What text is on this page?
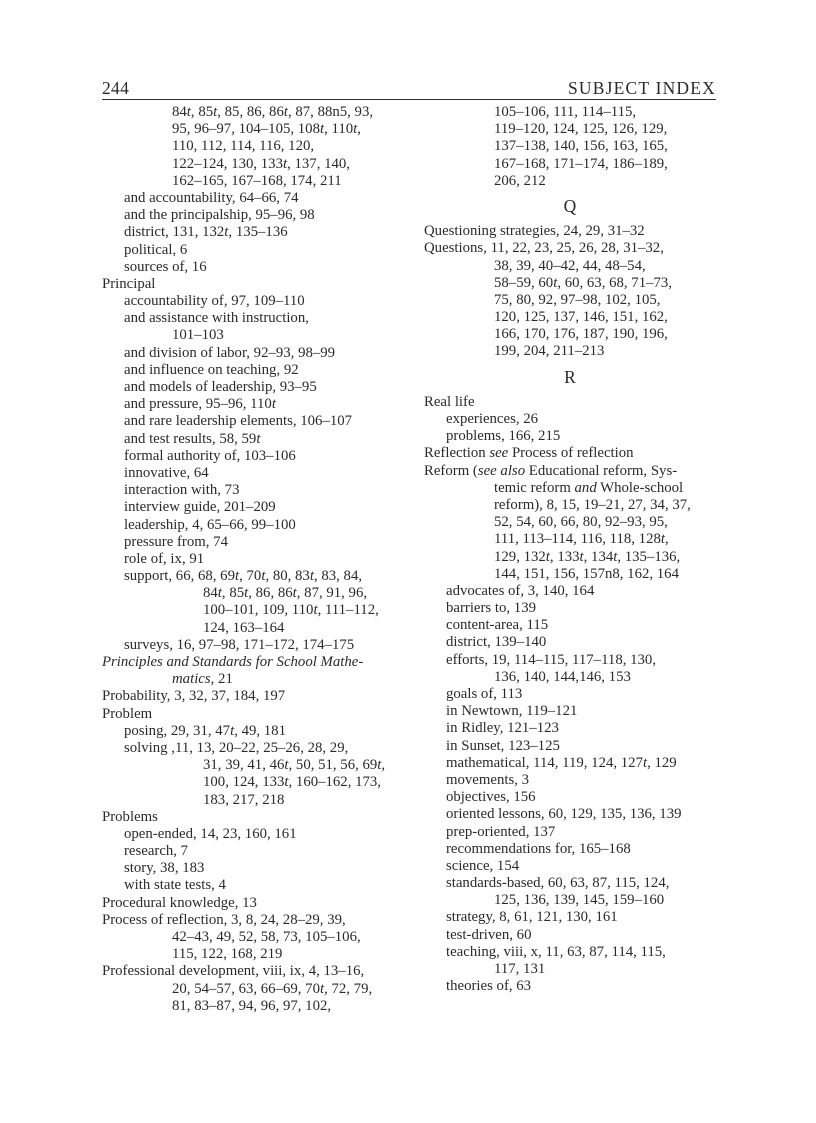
244	SUBJECT INDEX
84t, 85t, 85, 86, 86t, 87, 88n5, 93,
95, 96–97, 104–105, 108t, 110t,
110, 112, 114, 116, 120,
122–124, 130, 133t, 137, 140,
162–165, 167–168, 174, 211
and accountability, 64–66, 74
and the principalship, 95–96, 98
district, 131, 132t, 135–136
political, 6
sources of, 16
Principal
accountability of, 97, 109–110
and assistance with instruction,
101–103
and division of labor, 92–93, 98–99
and influence on teaching, 92
and models of leadership, 93–95
and pressure, 95–96, 110t
and rare leadership elements, 106–107
and test results, 58, 59t
formal authority of, 103–106
innovative, 64
interaction with, 73
interview guide, 201–209
leadership, 4, 65–66, 99–100
pressure from, 74
role of, ix, 91
support, 66, 68, 69t, 70t, 80, 83t, 83, 84,
84t, 85t, 86, 86t, 87, 91, 96,
100–101, 109, 110t, 111–112,
124, 163–164
surveys, 16, 97–98, 171–172, 174–175
Principles and Standards for School Mathe-
matics, 21
Probability, 3, 32, 37, 184, 197
Problem
posing, 29, 31, 47t, 49, 181
solving ,11, 13, 20–22, 25–26, 28, 29,
31, 39, 41, 46t, 50, 51, 56, 69t,
100, 124, 133t, 160–162, 173,
183, 217, 218
Problems
open-ended, 14, 23, 160, 161
research, 7
story, 38, 183
with state tests, 4
Procedural knowledge, 13
Process of reflection, 3, 8, 24, 28–29, 39,
42–43, 49, 52, 58, 73, 105–106,
115, 122, 168, 219
Professional development, viii, ix, 4, 13–16,
20, 54–57, 63, 66–69, 70t, 72, 79,
81, 83–87, 94, 96, 97, 102,
105–106, 111, 114–115,
119–120, 124, 125, 126, 129,
137–138, 140, 156, 163, 165,
167–168, 171–174, 186–189,
206, 212
Q
Questioning strategies, 24, 29, 31–32
Questions, 11, 22, 23, 25, 26, 28, 31–32,
38, 39, 40–42, 44, 48–54,
58–59, 60t, 60, 63, 68, 71–73,
75, 80, 92, 97–98, 102, 105,
120, 125, 137, 146, 151, 162,
166, 170, 176, 187, 190, 196,
199, 204, 211–213
R
Real life
experiences, 26
problems, 166, 215
Reflection see Process of reflection
Reform (see also Educational reform, Sys-
temic reform and Whole-school
reform), 8, 15, 19–21, 27, 34, 37,
52, 54, 60, 66, 80, 92–93, 95,
111, 113–114, 116, 118, 128t,
129, 132t, 133t, 134t, 135–136,
144, 151, 156, 157n8, 162, 164
advocates of, 3, 140, 164
barriers to, 139
content-area, 115
district, 139–140
efforts, 19, 114–115, 117–118, 130,
136, 140, 144,146, 153
goals of, 113
in Newtown, 119–121
in Ridley, 121–123
in Sunset, 123–125
mathematical, 114, 119, 124, 127t, 129
movements, 3
objectives, 156
oriented lessons, 60, 129, 135, 136, 139
prep-oriented, 137
recommendations for, 165–168
science, 154
standards-based, 60, 63, 87, 115, 124,
125, 136, 139, 145, 159–160
strategy, 8, 61, 121, 130, 161
test-driven, 60
teaching, viii, x, 11, 63, 87, 114, 115,
117, 131
theories of, 63
